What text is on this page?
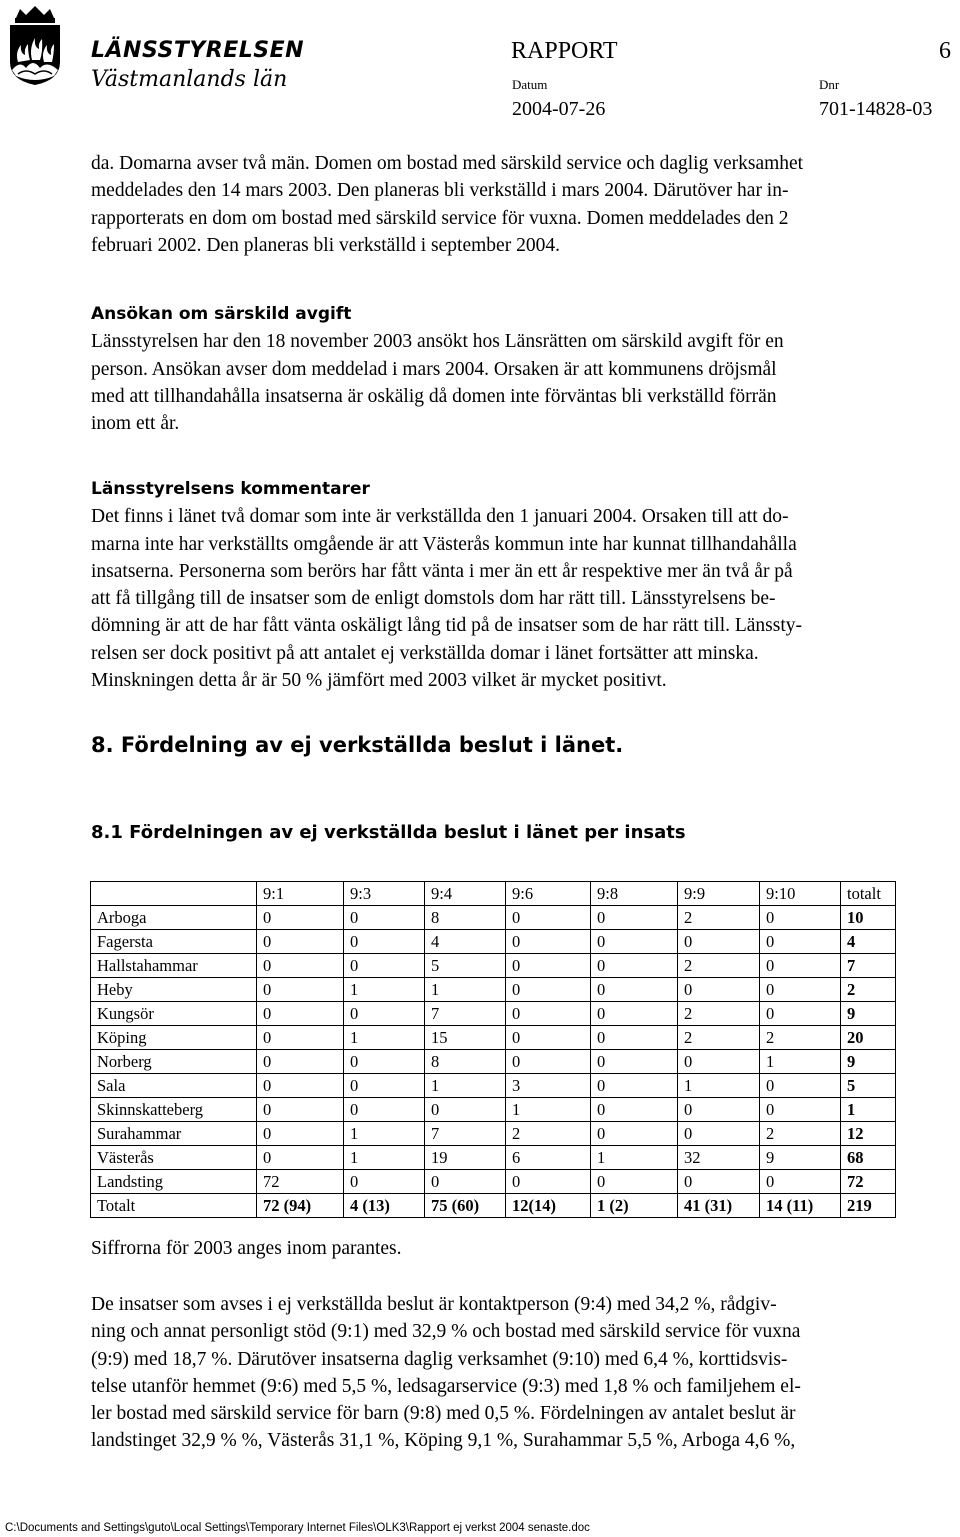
LÄNSSTYRELSEN
Västmanlands län
RAPPORT	6
Datum	Dnr
2004-07-26	701-14828-03

da. Domarna avser två män. Domen om bostad med särskild service och daglig verksamhet

meddelades den 14 mars 2003. Den planeras bli verkställd i mars 2004. Därutöver har in-

rapporterats en dom om bostad med särskild service för vuxna. Domen meddelades den 2

februari 2002. Den planeras bli verkställd i september 2004.

Ansökan om särskild avgift

Länsstyrelsen har den 18 november 2003 ansökt hos Länsrätten om särskild avgift för en

person. Ansökan avser dom meddelad i mars 2004. Orsaken är att kommunens dröjsmål

med att tillhandahålla insatserna är oskälig då domen inte förväntas bli verkställd förrän

inom ett år.

Länsstyrelsens kommentarer

Det finns i länet två domar som inte är verkställda den 1 januari 2004. Orsaken till att do-

marna inte har verkställts omgående är att Västerås kommun inte har kunnat tillhandahålla

insatserna. Personerna som berörs har fått vänta i mer än ett år respektive mer än två år på

att få tillgång till de insatser som de enligt domstols dom har rätt till. Länsstyrelsens be-

dömning är att de har fått vänta oskäligt lång tid på de insatser som de har rätt till. Länssty-

relsen ser dock positivt på att antalet ej verkställda domar i länet fortsätter att minska.

Minskningen detta år är 50 % jämfört med 2003 vilket är mycket positivt.

8. Fördelning av ej verkställda beslut i länet.
8.1 Fördelningen av ej verkställda beslut i länet per insats
	9:1	9:3	9:4	9:6	9:8	9:9	9:10	totalt
Arboga	0	0	8	0	0	2	0	10
Fagersta	0	0	4	0	0	0	0	4
Hallstahammar	0	0	5	0	0	2	0	7
Heby	0	1	1	0	0	0	0	2
Kungsör	0	0	7	0	0	2	0	9
Köping	0	1	15	0	0	2	2	20
Norberg	0	0	8	0	0	0	1	9
Sala	0	0	1	3	0	1	0	5
Skinnskatteberg	0	0	0	1	0	0	0	1
Surahammar	0	1	7	2	0	0	2	12
Västerås	0	1	19	6	1	32	9	68
Landsting	72	0	0	0	0	0	0	72
Totalt	72 (94)	4 (13)	75 (60)	12(14)	1 (2)	41 (31)	14 (11)	219
Siffrorna för 2003 anges inom parantes.

De insatser som avses i ej verkställda beslut är kontaktperson (9:4) med 34,2 %, rådgiv-

ning och annat personligt stöd (9:1) med 32,9 % och bostad med särskild service för vuxna

(9:9) med 18,7 %. Därutöver insatserna daglig verksamhet (9:10) med 6,4 %, korttidsvis-

telse utanför hemmet (9:6) med 5,5 %, ledsagarservice (9:3) med 1,8 % och familjehem el-

ler bostad med särskild service för barn (9:8) med 0,5 %. Fördelningen av antalet beslut är

landstinget 32,9 % %, Västerås 31,1 %, Köping 9,1 %, Surahammar 5,5 %, Arboga 4,6 %,

C:\Documents and Settings\guto\Local Settings\Temporary Internet Files\OLK3\Rapport ej verkst 2004 senaste.doc
